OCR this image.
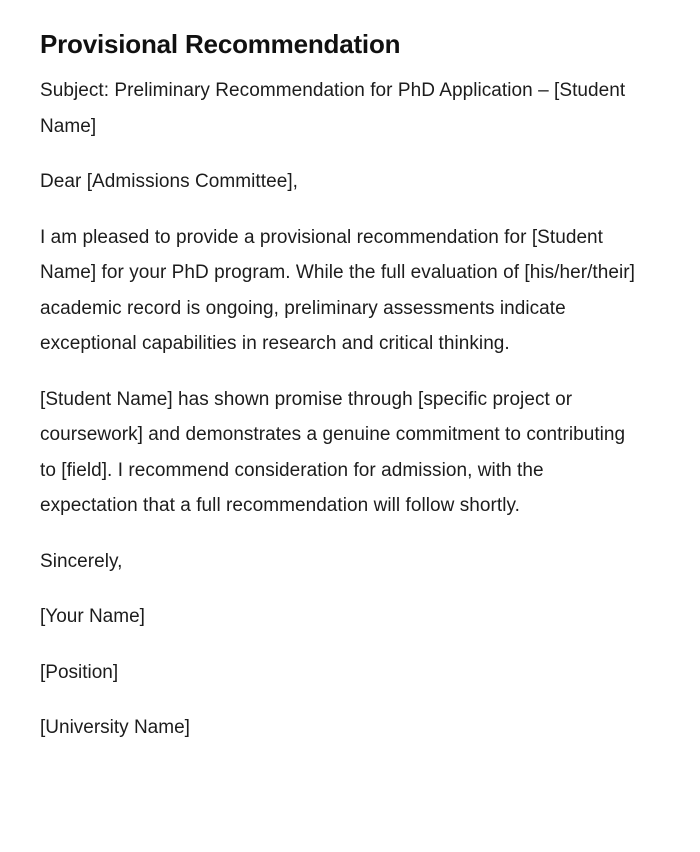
Provisional Recommendation

Subject: Preliminary Recommendation for PhD Application – [Student Name]

Dear [Admissions Committee],

I am pleased to provide a provisional recommendation for [Student Name] for your PhD program. While the full evaluation of [his/her/their] academic record is ongoing, preliminary assessments indicate exceptional capabilities in research and critical thinking.

[Student Name] has shown promise through [specific project or coursework] and demonstrates a genuine commitment to contributing to [field]. I recommend consideration for admission, with the expectation that a full recommendation will follow shortly.

Sincerely,

[Your Name]

[Position]

[University Name]
